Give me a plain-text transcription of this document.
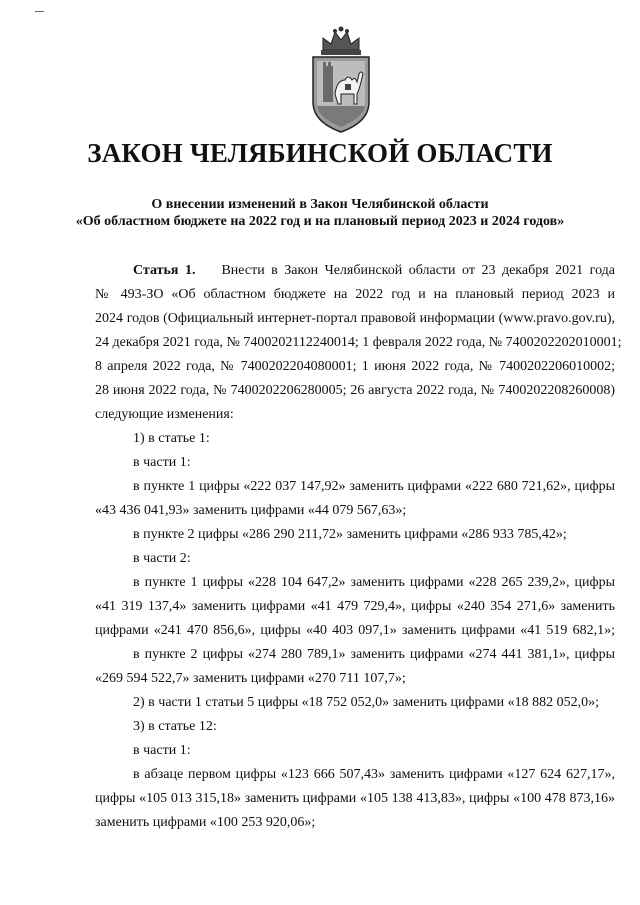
ЗАКОН ЧЕЛЯБИНСКОЙ ОБЛАСТИ
О внесении изменений в Закон Челябинской области
«Об областном бюджете на 2022 год и на плановый период 2023 и 2024 годов»
Статья 1. Внести в Закон Челябинской области от 23 декабря 2021 года
№ 493-ЗО «Об областном бюджете на 2022 год и на плановый период 2023 и
2024 годов (Официальный интернет-портал правовой информации (www.pravo.gov.ru),
24 декабря 2021 года, № 7400202112240014; 1 февраля 2022 года, № 7400202202010001;
8 апреля 2022 года, № 7400202204080001; 1 июня 2022 года, № 7400202206010002;
28 июня 2022 года, № 7400202206280005; 26 августа 2022 года, № 7400202208260008)
следующие изменения:
1) в статье 1:
в части 1:
в пункте 1 цифры «222 037 147,92» заменить цифрами «222 680 721,62», цифры
«43 436 041,93» заменить цифрами «44 079 567,63»;
в пункте 2 цифры «286 290 211,72» заменить цифрами «286 933 785,42»;
в части 2:
в пункте 1 цифры «228 104 647,2» заменить цифрами «228 265 239,2», цифры
«41 319 137,4» заменить цифрами «41 479 729,4», цифры «240 354 271,6» заменить
цифрами «241 470 856,6», цифры «40 403 097,1» заменить цифрами «41 519 682,1»;
в пункте 2 цифры «274 280 789,1» заменить цифрами «274 441 381,1», цифры
«269 594 522,7» заменить цифрами «270 711 107,7»;
2) в части 1 статьи 5 цифры «18 752 052,0» заменить цифрами «18 882 052,0»;
3) в статье 12:
в части 1:
в абзаце первом цифры «123 666 507,43» заменить цифрами «127 624 627,17»,
цифры «105 013 315,18» заменить цифрами «105 138 413,83», цифры «100 478 873,16»
заменить цифрами «100 253 920,06»;
